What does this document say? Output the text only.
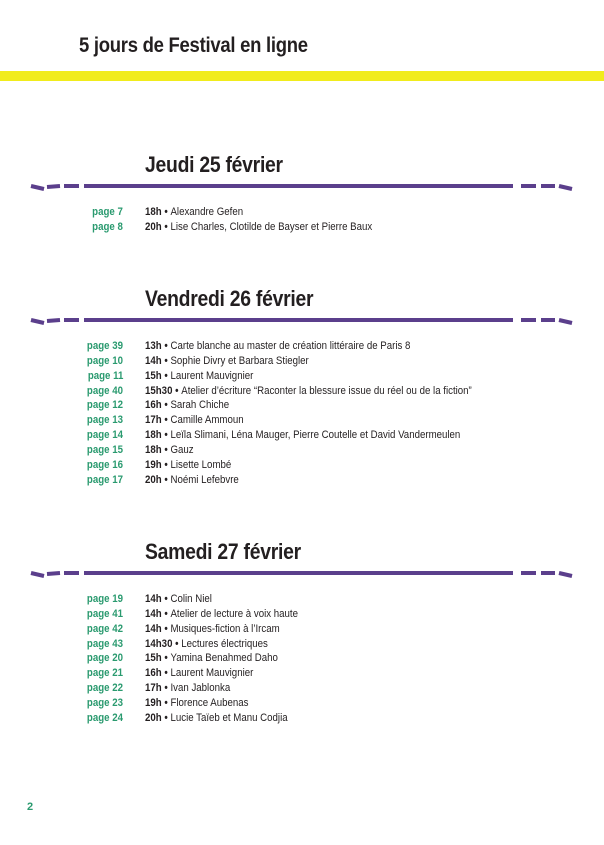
5 jours de Festival en ligne
Jeudi 25 février
page 7 18h • Alexandre Gefen
page 8 20h • Lise Charles, Clotilde de Bayser et Pierre Baux
Vendredi 26 février
page 39 13h • Carte blanche au master de création littéraire de Paris 8
page 10 14h • Sophie Divry et Barbara Stiegler
page 11 15h • Laurent Mauvignier
page 40 15h30 • Atelier d’écriture “Raconter la blessure issue du réel ou de la fiction”
page 12 16h • Sarah Chiche
page 13 17h • Camille Ammoun
page 14 18h • Leïla Slimani, Léna Mauger, Pierre Coutelle et David Vandermeulen
page 15 18h • Gauz
page 16 19h • Lisette Lombé
page 17 20h • Noémi Lefebvre
Samedi 27 février
page 19 14h • Colin Niel
page 41 14h • Atelier de lecture à voix haute
page 42 14h • Musiques-fiction à l’Ircam
page 43 14h30 • Lectures électriques
page 20 15h • Yamina Benahmed Daho
page 21 16h • Laurent Mauvignier
page 22 17h • Ivan Jablonka
page 23 19h • Florence Aubenas
page 24 20h • Lucie Taïeb et Manu Codjia
2
